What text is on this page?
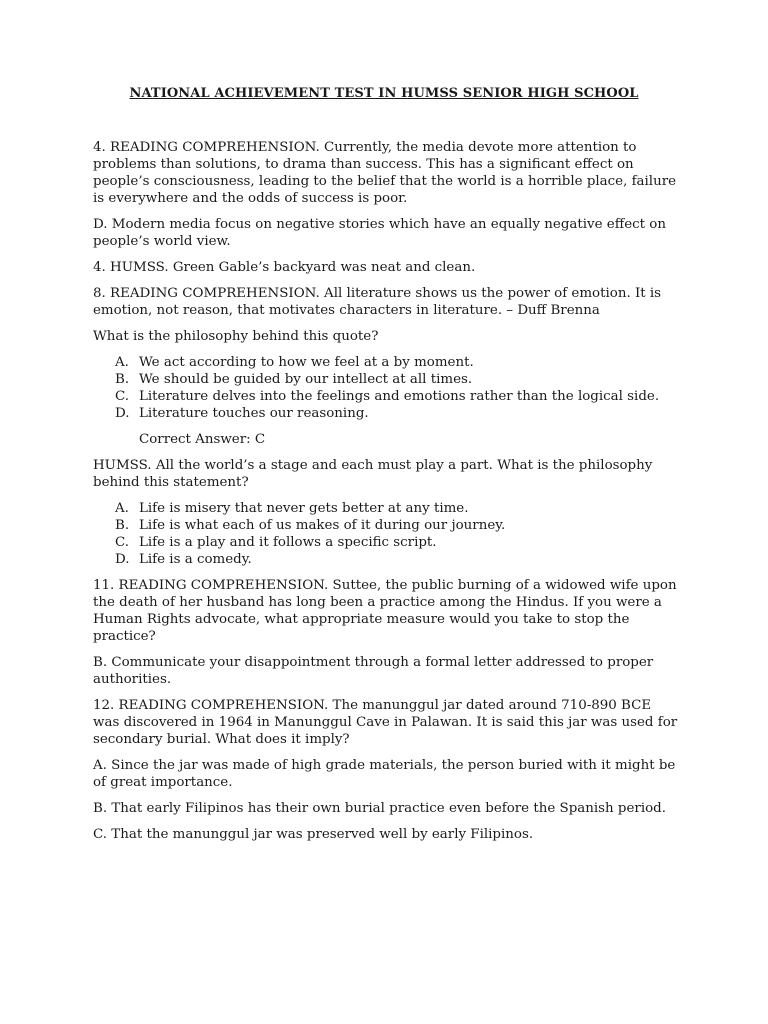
NATIONAL ACHIEVEMENT TEST IN HUMSS SENIOR HIGH SCHOOL

4. READING COMPREHENSION. Currently, the media devote more attention to problems than solutions, to drama than success. This has a significant effect on people’s consciousness, leading to the belief that the world is a horrible place, failure is everywhere and the odds of success is poor.

D. Modern media focus on negative stories which have an equally negative effect on people’s world view.

4. HUMSS. Green Gable’s backyard was neat and clean.

8. READING COMPREHENSION. All literature shows us the power of emotion. It is emotion, not reason, that motivates characters in literature. – Duff Brenna

What is the philosophy behind this quote?

A. We act according to how we feel at a by moment.
B. We should be guided by our intellect at all times.
C. Literature delves into the feelings and emotions rather than the logical side.
D. Literature touches our reasoning.

Correct Answer: C

HUMSS. All the world’s a stage and each must play a part. What is the philosophy behind this statement?

A. Life is misery that never gets better at any time.
B. Life is what each of us makes of it during our journey.
C. Life is a play and it follows a specific script.
D. Life is a comedy.

11. READING COMPREHENSION. Suttee, the public burning of a widowed wife upon the death of her husband has long been a practice among the Hindus. If you were a Human Rights advocate, what appropriate measure would you take to stop the practice?

B. Communicate your disappointment through a formal letter addressed to proper authorities.

12. READING COMPREHENSION. The manunggul jar dated around 710-890 BCE was discovered in 1964 in Manunggul Cave in Palawan. It is said this jar was used for secondary burial. What does it imply?

A. Since the jar was made of high grade materials, the person buried with it might be of great importance.

B. That early Filipinos has their own burial practice even before the Spanish period.

C. That the manunggul jar was preserved well by early Filipinos.
